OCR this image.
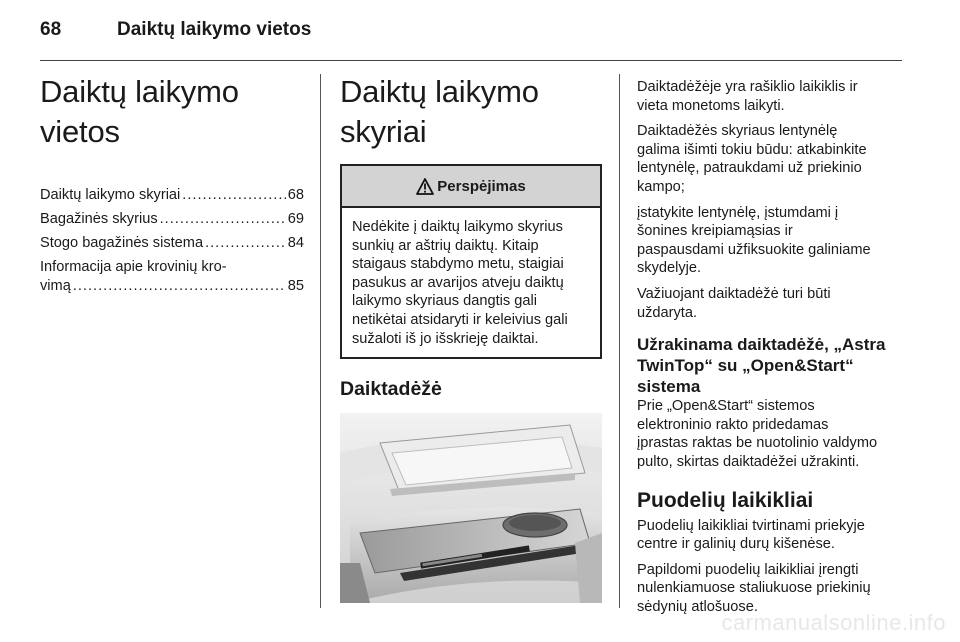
68	Daiktų laikymo vietos
Daiktų laikymo vietos
Daiktų laikymo skyriai .....	68
Bagažinės skyrius .....	69
Stogo bagažinės sistema .....	84
Informacija apie krovinių kro-
vimą .....	85
Daiktų laikymo skyriai
Perspėjimas
Nedėkite į daiktų laikymo skyrius
sunkių ar aštrių daiktų. Kitaip
staigaus stabdymo metu, staigiai
pasukus ar avarijos atveju daiktų
laikymo skyriaus dangtis gali
netikėtai atsidaryti ir keleivius gali
sužaloti iš jo išskrieję daiktai.
Daiktadėžė

Daiktadėžėje yra rašiklio laikiklis ir
vieta monetoms laikyti.

Daiktadėžės skyriaus lentynėlę
galima išimti tokiu būdu: atkabinkite
lentynėlę, patraukdami už priekinio
kampo;

įstatykite lentynėlę, įstumdami į
šonines kreipiamąsias ir
paspausdami užfiksuokite galiniame
skydelyje.

Važiuojant daiktadėžė turi būti
uždaryta.

Užrakinama daiktadėžė, „Astra
TwinTop“ su „Open&Start“
sistema

Prie „Open&Start“ sistemos
elektroninio rakto pridedamas
įprastas raktas be nuotolinio valdymo
pulto, skirtas daiktadėžei užrakinti.

Puodelių laikikliai

Puodelių laikikliai tvirtinami priekyje
centre ir galinių durų kišenėse.

Papildomi puodelių laikikliai įrengti
nulenkiamuose staliukuose priekinių
sėdynių atlošuose.

carmanualsonline.info
